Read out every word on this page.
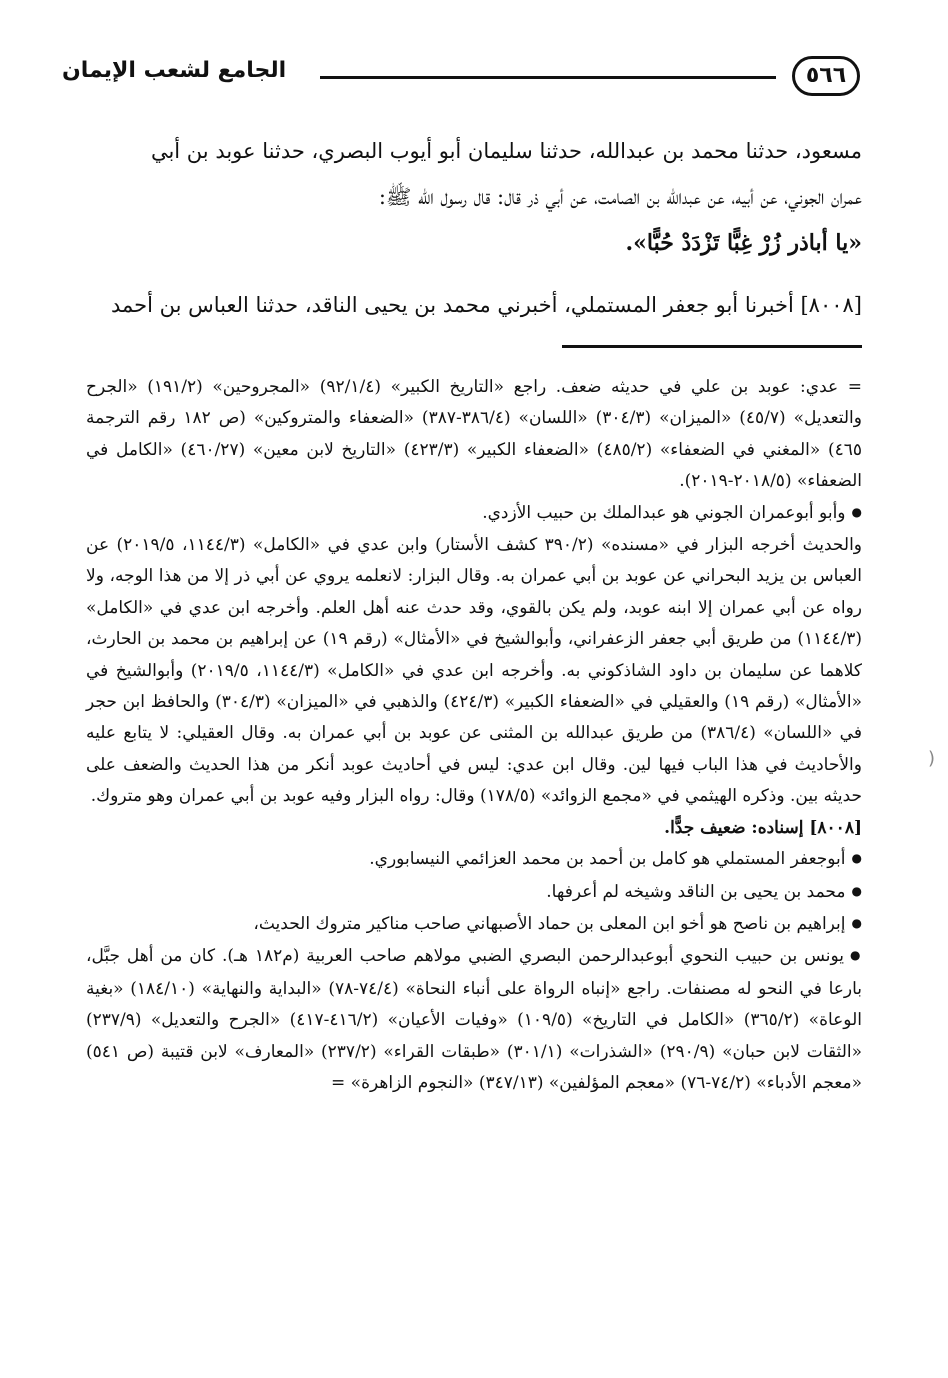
٥٦٦
الجامع لشعب الإيمان

مسعود، حدثنا محمد بن عبدالله، حدثنا سليمان أبو أيوب البصري، حدثنا عوبد بن أبي

عمران الجوني، عن أبيه، عن عبدالله بن الصامت، عن أبي ذر قال: قال رسول الله ﷺ:

«يا أباذر زُرْ غِبًّا تَزْدَدْ حُبًّا».

[٨٠٠٨] أخبرنا أبو جعفر المستملي، أخبرني محمد بن يحيى الناقد، حدثنا العباس بن أحمد

= عدي: عوبد بن علي في حديثه ضعف. راجع «التاريخ الكبير» (٩٢/١/٤) «المجروحين» (١٩١/٢) «الجرح والتعديل» (٤٥/٧) «الميزان» (٣٠٤/٣) «اللسان» (٣٨٦/٤-٣٨٧) «الضعفاء والمتروكين» (ص ١٨٢ رقم الترجمة ٤٦٥) «المغني في الضعفاء» (٤٨٥/٢) «الضعفاء الكبير» (٤٢٣/٣) «التاريخ لابن معين» (٤٦٠/٢٧) «الكامل في الضعفاء» (٢٠١٨/٥-٢٠١٩).

● وأبو أبوعمران الجوني هو عبدالملك بن حبيب الأزدي.

والحديث أخرجه البزار في «مسنده» (٣٩٠/٢ كشف الأستار) وابن عدي في «الكامل» (١١٤٤/٣، ٢٠١٩/٥) عن العباس بن يزيد البحراني عن عوبد بن أبي عمران به. وقال البزار: لانعلمه يروي عن أبي ذر إلا من هذا الوجه، ولا رواه عن أبي عمران إلا ابنه عوبد، ولم يكن بالقوي، وقد حدث عنه أهل العلم. وأخرجه ابن عدي في «الكامل» (١١٤٤/٣) من طريق أبي جعفر الزعفراني، وأبوالشيخ في «الأمثال» (رقم ١٩) عن إبراهيم بن محمد بن الحارث، كلاهما عن سليمان بن داود الشاذكوني به. وأخرجه ابن عدي في «الكامل» (١١٤٤/٣، ٢٠١٩/٥) وأبوالشيخ في «الأمثال» (رقم ١٩) والعقيلي في «الضعفاء الكبير» (٤٢٤/٣) والذهبي في «الميزان» (٣٠٤/٣) والحافظ ابن حجر في «اللسان» (٣٨٦/٤) من طريق عبدالله بن المثنى عن عوبد بن أبي عمران به. وقال العقيلي: لا يتابع عليه والأحاديث في هذا الباب فيها لين. وقال ابن عدي: ليس في أحاديث عوبد أنكر من هذا الحديث والضعف على حديثه بين. وذكره الهيثمي في «مجمع الزوائد» (١٧٨/٥) وقال: رواه البزار وفيه عوبد بن أبي عمران وهو متروك.

[٨٠٠٨] إسناده: ضعيف جدًّا.

● أبوجعفر المستملي هو كامل بن أحمد بن محمد العزائمي النيسابوري.

● محمد بن يحيى بن الناقد وشيخه لم أعرفها.

● إبراهيم بن ناصح هو أخو ابن المعلى بن حماد الأصبهاني صاحب مناكير متروك الحديث،

● يونس بن حبيب النحوي أبوعبدالرحمن البصري الضبي مولاهم صاحب العربية (م١٨٢ هـ). كان من أهل جبَّل، بارعا في النحو له مصنفات. راجع «إنباه الرواة على أنباء النحاة» (٧٤/٤-٧٨) «البداية والنهاية» (١٨٤/١٠) «بغية الوعاة» (٣٦٥/٢) «الكامل في التاريخ» (١٠٩/٥) «وفيات الأعيان» (٤١٦/٢-٤١٧) «الجرح والتعديل» (٢٣٧/٩) «الثقات لابن حبان» (٢٩٠/٩) «الشذرات» (٣٠١/١) «طبقات القراء» (٢٣٧/٢) «المعارف» لابن قتيبة (ص ٥٤١) «معجم الأدباء» (٧٤/٢-٧٦) «معجم المؤلفين» (٣٤٧/١٣) «النجوم الزاهرة» =

(
